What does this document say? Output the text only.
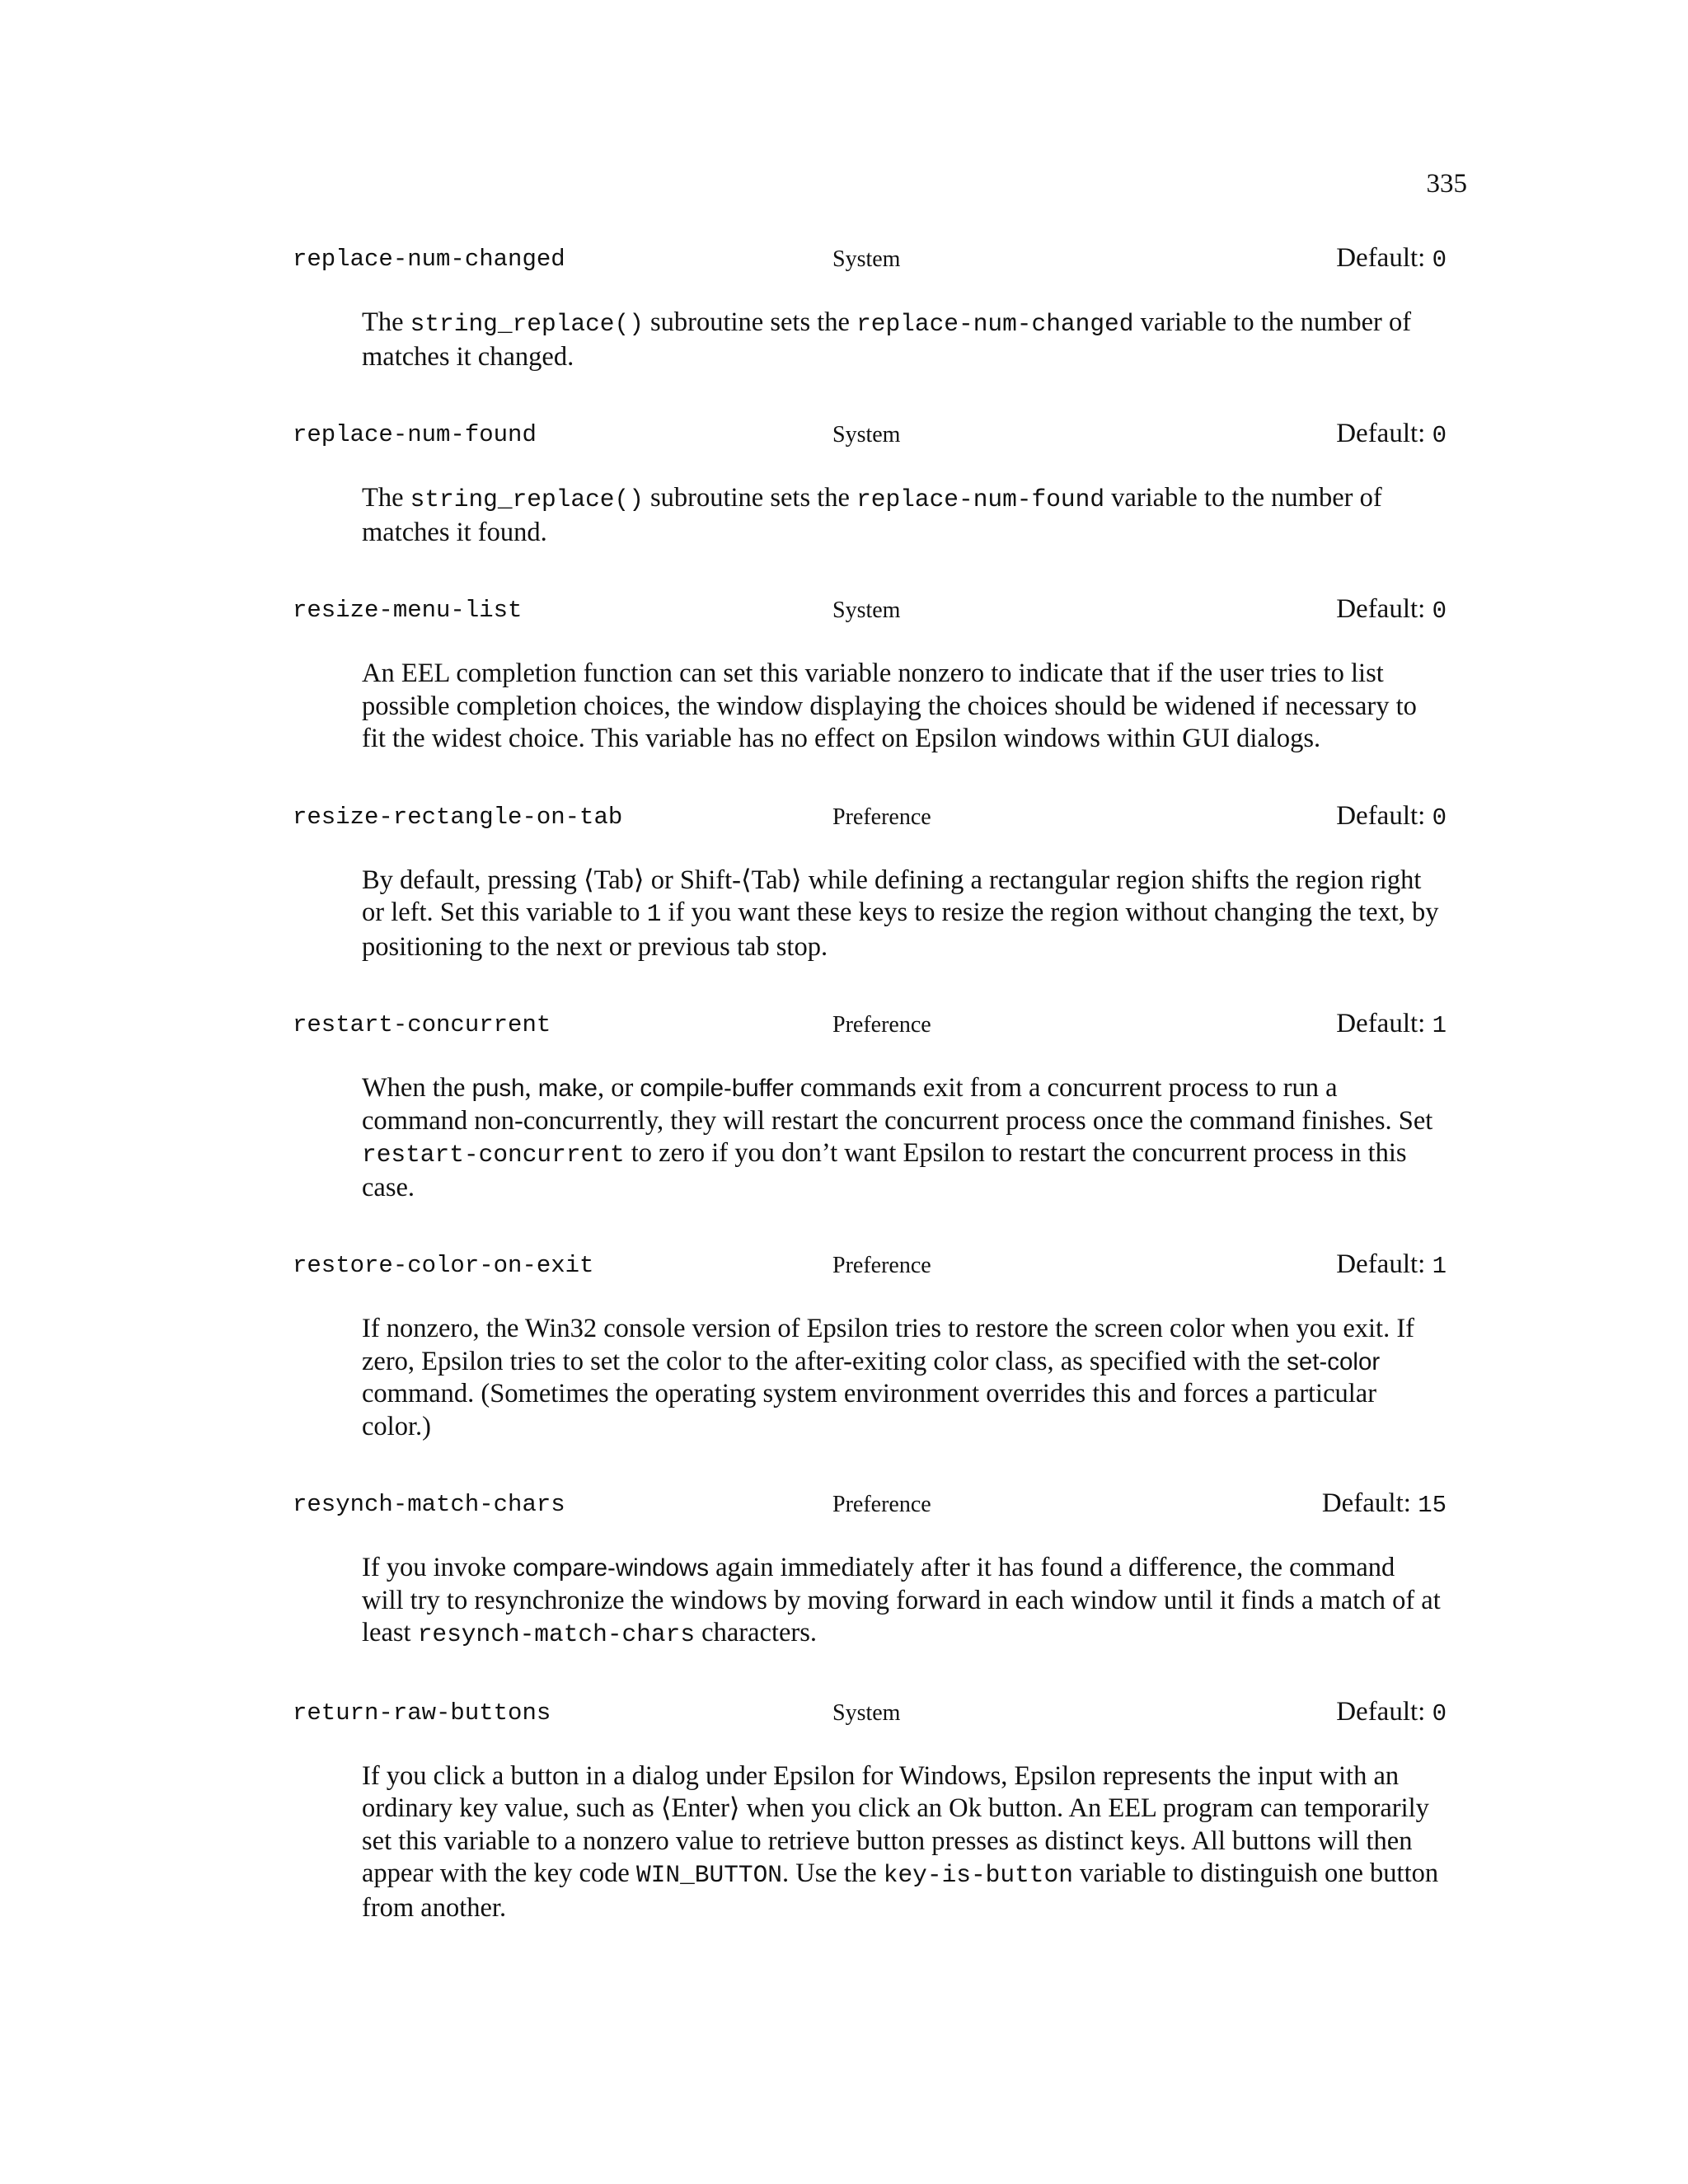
335
replace-num-changed	System	Default: 0
The string_replace() subroutine sets the replace-num-changed variable to the number of matches it changed.
replace-num-found	System	Default: 0
The string_replace() subroutine sets the replace-num-found variable to the number of matches it found.
resize-menu-list	System	Default: 0
An EEL completion function can set this variable nonzero to indicate that if the user tries to list possible completion choices, the window displaying the choices should be widened if necessary to fit the widest choice. This variable has no effect on Epsilon windows within GUI dialogs.
resize-rectangle-on-tab	Preference	Default: 0
By default, pressing ⟨Tab⟩ or Shift-⟨Tab⟩ while defining a rectangular region shifts the region right or left. Set this variable to 1 if you want these keys to resize the region without changing the text, by positioning to the next or previous tab stop.
restart-concurrent	Preference	Default: 1
When the push, make, or compile-buffer commands exit from a concurrent process to run a command non-concurrently, they will restart the concurrent process once the command finishes. Set restart-concurrent to zero if you don’t want Epsilon to restart the concurrent process in this case.
restore-color-on-exit	Preference	Default: 1
If nonzero, the Win32 console version of Epsilon tries to restore the screen color when you exit. If zero, Epsilon tries to set the color to the after-exiting color class, as specified with the set-color command. (Sometimes the operating system environment overrides this and forces a particular color.)
resynch-match-chars	Preference	Default: 15
If you invoke compare-windows again immediately after it has found a difference, the command will try to resynchronize the windows by moving forward in each window until it finds a match of at least resynch-match-chars characters.
return-raw-buttons	System	Default: 0
If you click a button in a dialog under Epsilon for Windows, Epsilon represents the input with an ordinary key value, such as ⟨Enter⟩ when you click an Ok button. An EEL program can temporarily set this variable to a nonzero value to retrieve button presses as distinct keys. All buttons will then appear with the key code WIN_BUTTON. Use the key-is-button variable to distinguish one button from another.
